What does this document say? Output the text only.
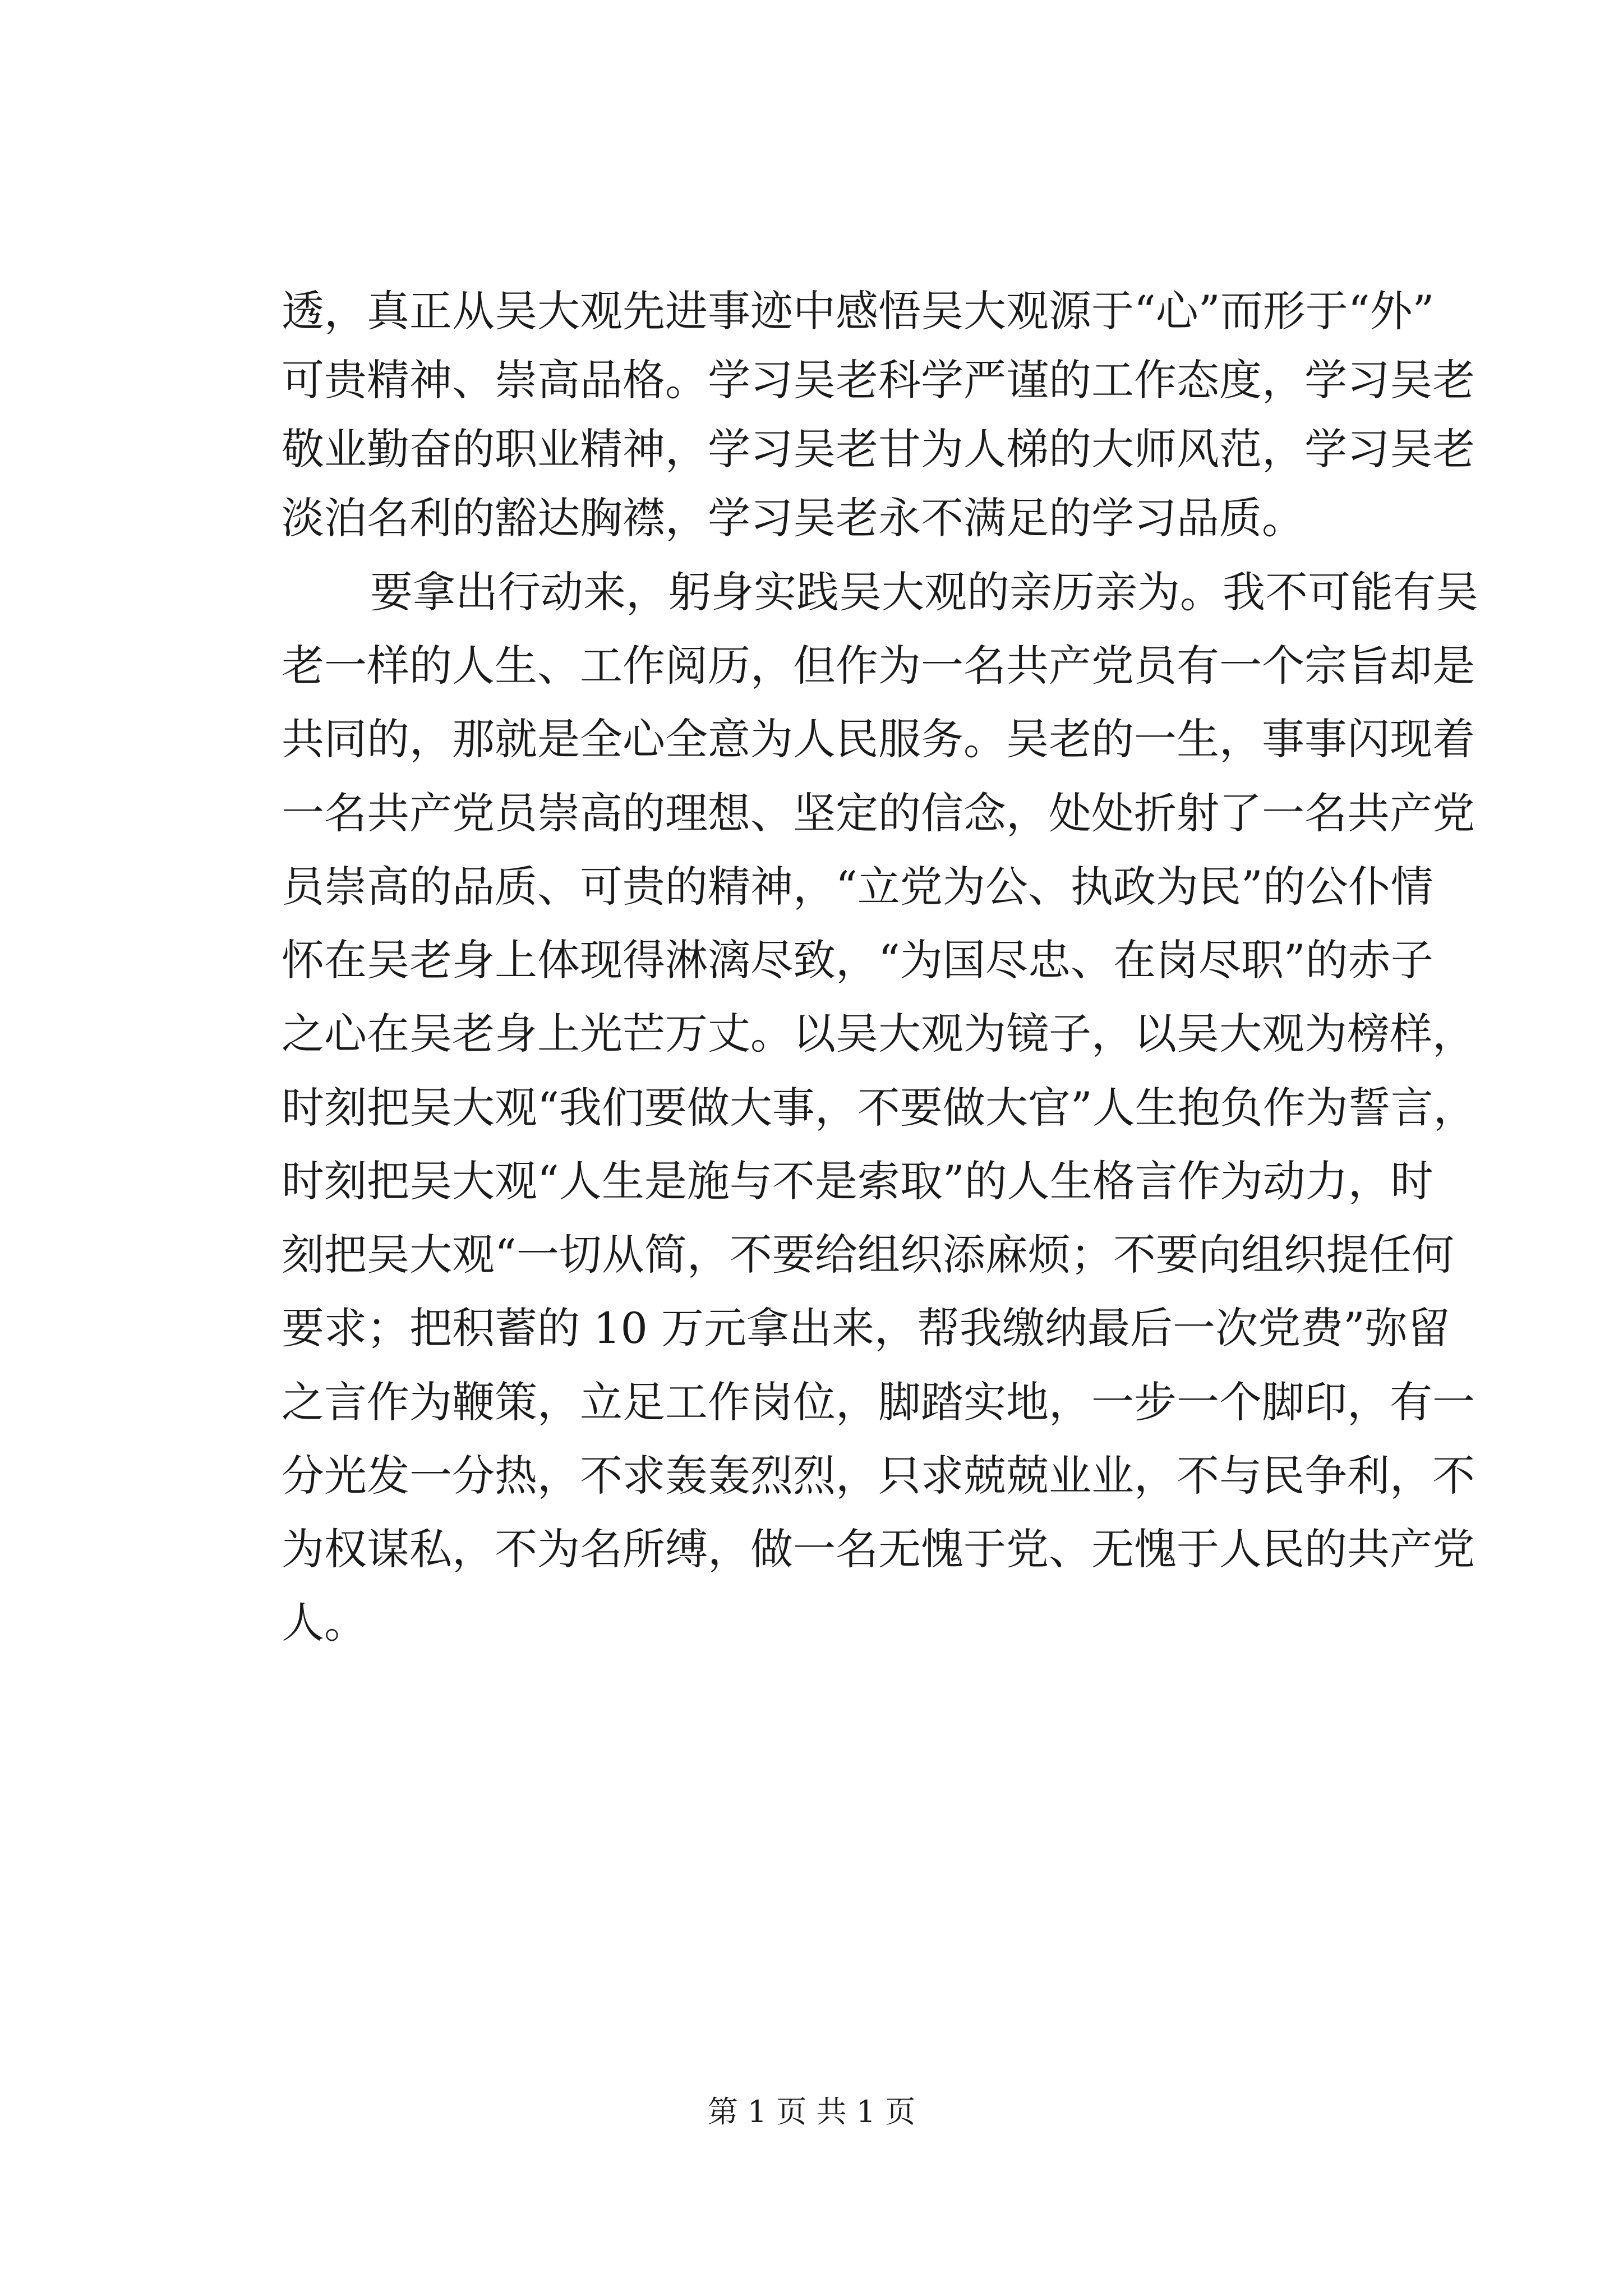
透，真正从吴大观先进事迹中感悟吴大观源于“心”而形于“外”
可贵精神、崇高品格。学习吴老科学严谨的工作态度，学习吴老
敬业勤奋的职业精神，学习吴老甘为人梯的大师风范，学习吴老
淡泊名利的豁达胸襟，学习吴老永不满足的学习品质。
要拿出行动来，躬身实践吴大观的亲历亲为。我不可能有吴
老一样的人生、工作阅历，但作为一名共产党员有一个宗旨却是
共同的，那就是全心全意为人民服务。吴老的一生，事事闪现着
一名共产党员崇高的理想、坚定的信念，处处折射了一名共产党
员崇高的品质、可贵的精神，“立党为公、执政为民”的公仆情
怀在吴老身上体现得淋漓尽致，“为国尽忠、在岗尽职”的赤子
之心在吴老身上光芒万丈。以吴大观为镜子，以吴大观为榜样，
时刻把吴大观“我们要做大事，不要做大官”人生抱负作为誓言，
时刻把吴大观“人生是施与不是索取”的人生格言作为动力，时
刻把吴大观“一切从简，不要给组织添麻烦；不要向组织提任何
要求；把积蓄的 10 万元拿出来，帮我缴纳最后一次党费”弥留
之言作为鞭策，立足工作岗位，脚踏实地，一步一个脚印，有一
分光发一分热，不求轰轰烈烈，只求兢兢业业，不与民争利，不
为权谋私，不为名所缚，做一名无愧于党、无愧于人民的共产党
人。
第 1 页 共 1 页
